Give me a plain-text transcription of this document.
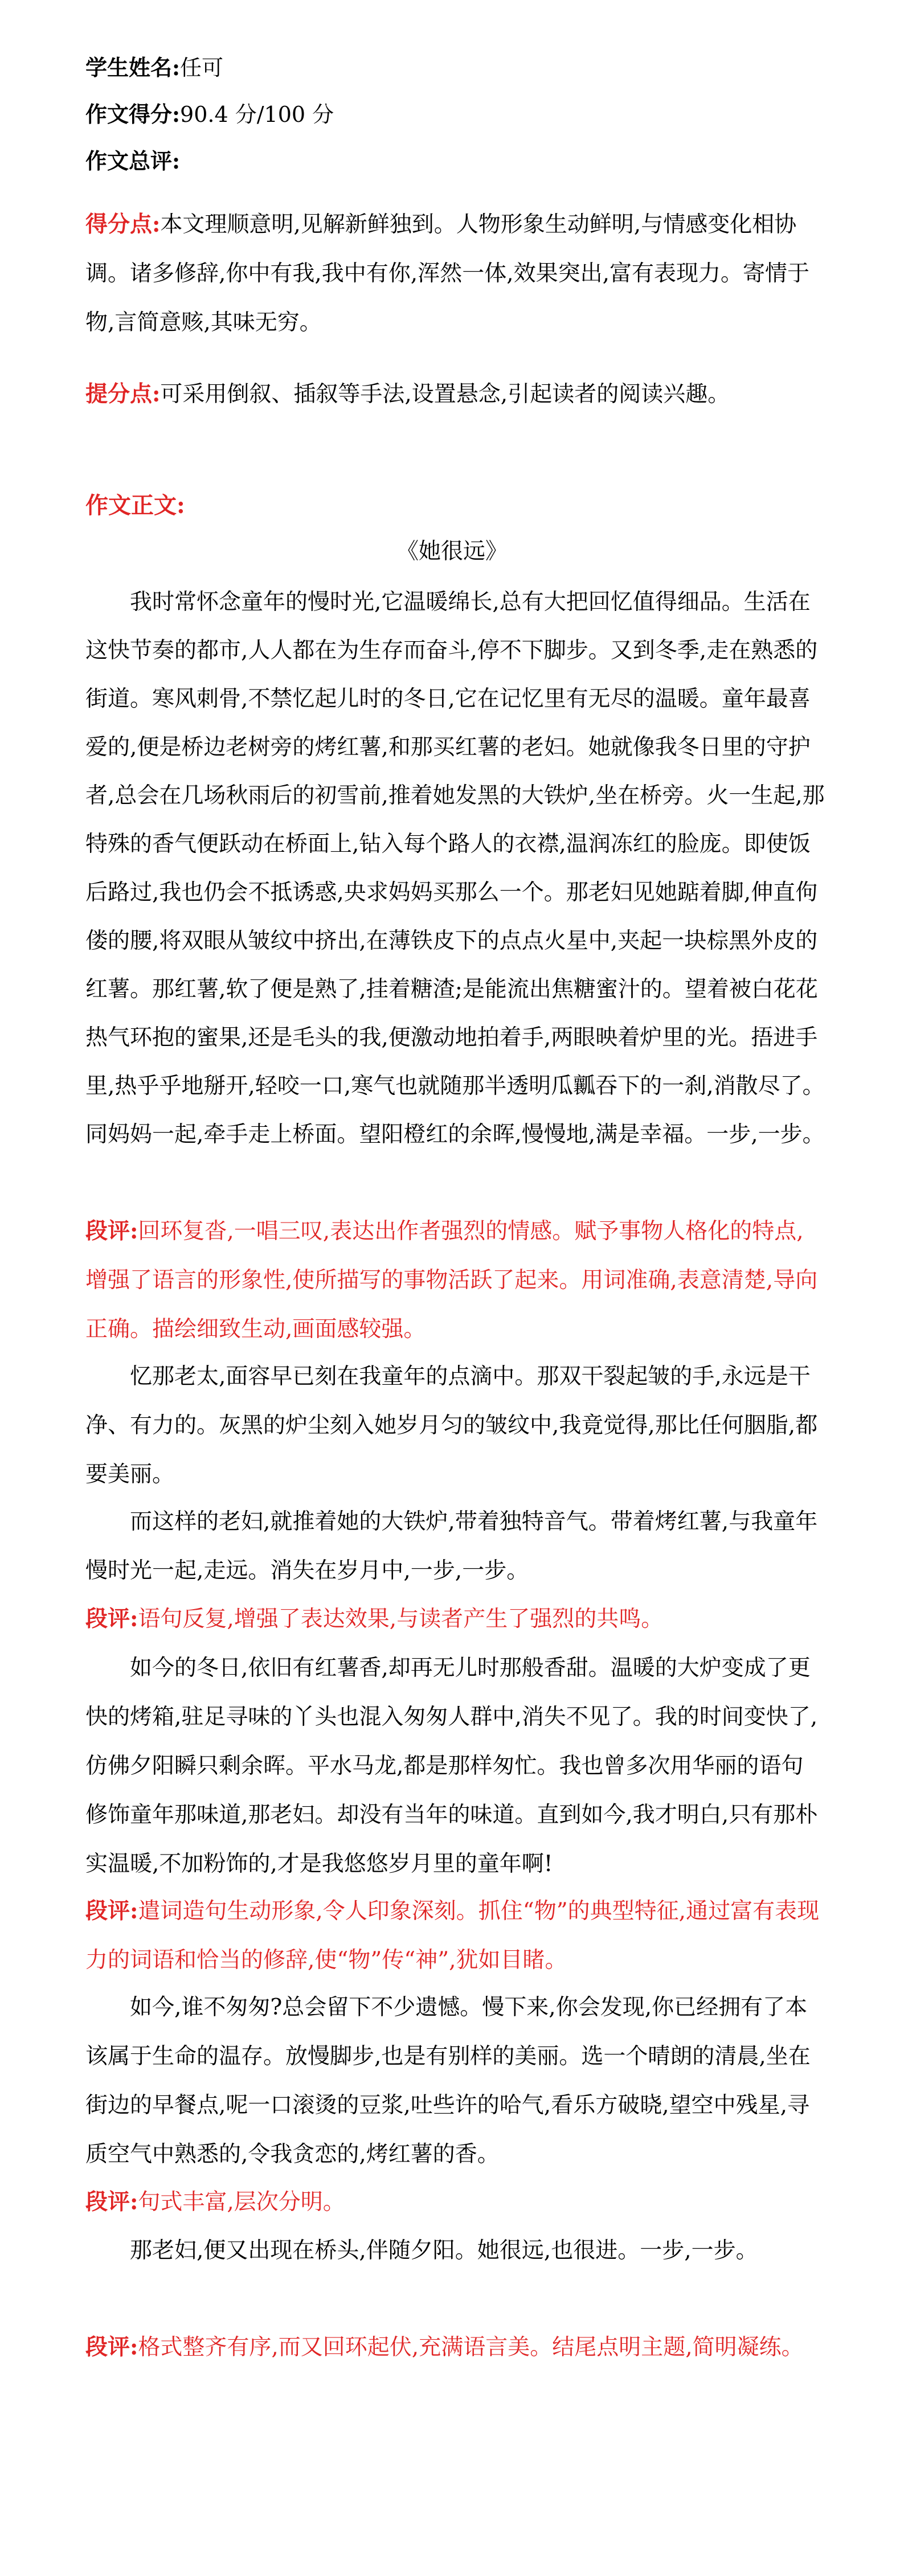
学生姓名:任可
作文得分:90.4 分/100 分
作文总评:
得分点:本文理顺意明,见解新鲜独到。人物形象生动鲜明,与情感变化相协调。诸多修辞,你中有我,我中有你,浑然一体,效果突出,富有表现力。寄情于物,言简意赅,其味无穷。
提分点:可采用倒叙、插叙等手法,设置悬念,引起读者的阅读兴趣。
作文正文:
《她很远》

我时常怀念童年的慢时光,它温暖绵长,总有大把回忆值得细品。生活在这快节奏的都市,人人都在为生存而奋斗,停不下脚步。又到冬季,走在熟悉的街道。寒风刺骨,不禁忆起儿时的冬日,它在记忆里有无尽的温暖。童年最喜爱的,便是桥边老树旁的烤红薯,和那买红薯的老妇。她就像我冬日里的守护者,总会在几场秋雨后的初雪前,推着她发黑的大铁炉,坐在桥旁。火一生起,那特殊的香气便跃动在桥面上,钻入每个路人的衣襟,温润冻红的脸庞。即使饭后路过,我也仍会不抵诱惑,央求妈妈买那么一个。那老妇见她踮着脚,伸直佝偻的腰,将双眼从皱纹中挤出,在薄铁皮下的点点火星中,夹起一块棕黑外皮的红薯。那红薯,软了便是熟了,挂着糖渣;是能流出焦糖蜜汁的。望着被白花花热气环抱的蜜果,还是毛头的我,便激动地拍着手,两眼映着炉里的光。捂进手里,热乎乎地掰开,轻咬一口,寒气也就随那半透明瓜瓤吞下的一刹,消散尽了。同妈妈一起,牵手走上桥面。望阳橙红的余晖,慢慢地,满是幸福。一步,一步。

段评:回环复沓,一唱三叹,表达出作者强烈的情感。赋予事物人格化的特点,增强了语言的形象性,使所描写的事物活跃了起来。用词准确,表意清楚,导向正确。描绘细致生动,画面感较强。

忆那老太,面容早已刻在我童年的点滴中。那双干裂起皱的手,永远是干净、有力的。灰黑的炉尘刻入她岁月匀的皱纹中,我竟觉得,那比任何胭脂,都要美丽。

而这样的老妇,就推着她的大铁炉,带着独特音气。带着烤红薯,与我童年慢时光一起,走远。消失在岁月中,一步,一步。

段评:语句反复,增强了表达效果,与读者产生了强烈的共鸣。

如今的冬日,依旧有红薯香,却再无儿时那般香甜。温暖的大炉变成了更快的烤箱,驻足寻味的丫头也混入匆匆人群中,消失不见了。我的时间变快了,仿佛夕阳瞬只剩余晖。平水马龙,都是那样匆忙。我也曾多次用华丽的语句修饰童年那味道,那老妇。却没有当年的味道。直到如今,我才明白,只有那朴实温暖,不加粉饰的,才是我悠悠岁月里的童年啊!

段评:遣词造句生动形象,令人印象深刻。抓住“物”的典型特征,通过富有表现力的词语和恰当的修辞,使“物”传“神”,犹如目睹。

如今,谁不匆匆?总会留下不少遗憾。慢下来,你会发现,你已经拥有了本该属于生命的温存。放慢脚步,也是有别样的美丽。选一个晴朗的清晨,坐在街边的早餐点,呢一口滚烫的豆浆,吐些许的哈气,看乐方破晓,望空中残星,寻质空气中熟悉的,令我贪恋的,烤红薯的香。

段评:句式丰富,层次分明。

那老妇,便又出现在桥头,伴随夕阳。她很远,也很进。一步,一步。

段评:格式整齐有序,而又回环起伏,充满语言美。结尾点明主题,简明凝练。
